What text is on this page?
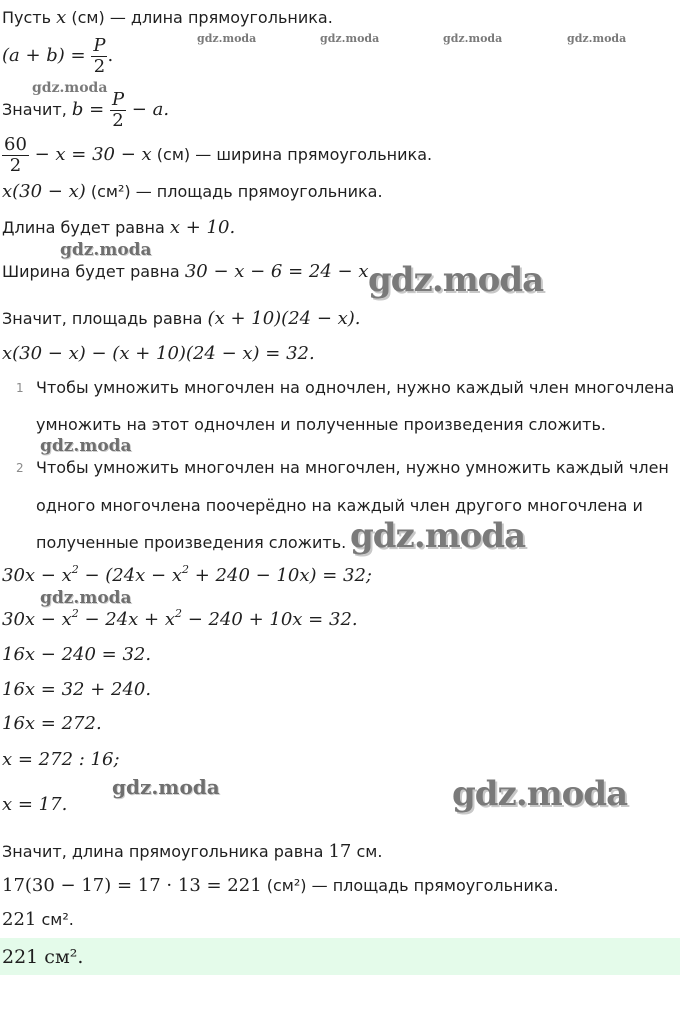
gdz.moda	gdz.moda	gdz.moda	gdz.moda
gdz.moda
gdz.moda
gdz.moda
gdz.moda
gdz.moda
gdz.moda
gdz.moda	gdz.moda
Пусть x (см) — длина прямоугольника.
$(a + b) = \frac{P}{2}$ .
Значит, $b = \frac{P}{2} - a$.
$\frac{60}{2} - x = 30 - x$ (см) — ширина прямоугольника.
x(30 − x) (см²) — площадь прямоугольника.
Длина будет равна x + 10.
Ширина будет равна 30 − x − 6 = 24 − x
Значит, площадь равна (x + 10)(24 − x).
x(30 − x) − (x + 10)(24 − x) = 32.
1 Чтобы умножить многочлен на одночлен, нужно каждый член многочлена
умножить на этот одночлен и полученные произведения сложить.
2 Чтобы умножить многочлен на многочлен, нужно умножить каждый член
одного многочлена поочерёдно на каждый член другого многочлена и
полученные произведения сложить.
$30x - x^2 - (24x - x^2 + 240 - 10x) = 32$;
$30x - x^2 - 24x + x^2 - 240 + 10x = 32$.
16x − 240 = 32.
16x = 32 + 240.
16x = 272.
x = 272 : 16;
x = 17.
Значит, длина прямоугольника равна 17 см.
17(30 − 17) = 17 · 13 = 221 (см²) — площадь прямоугольника.
221 см².
221 см².
